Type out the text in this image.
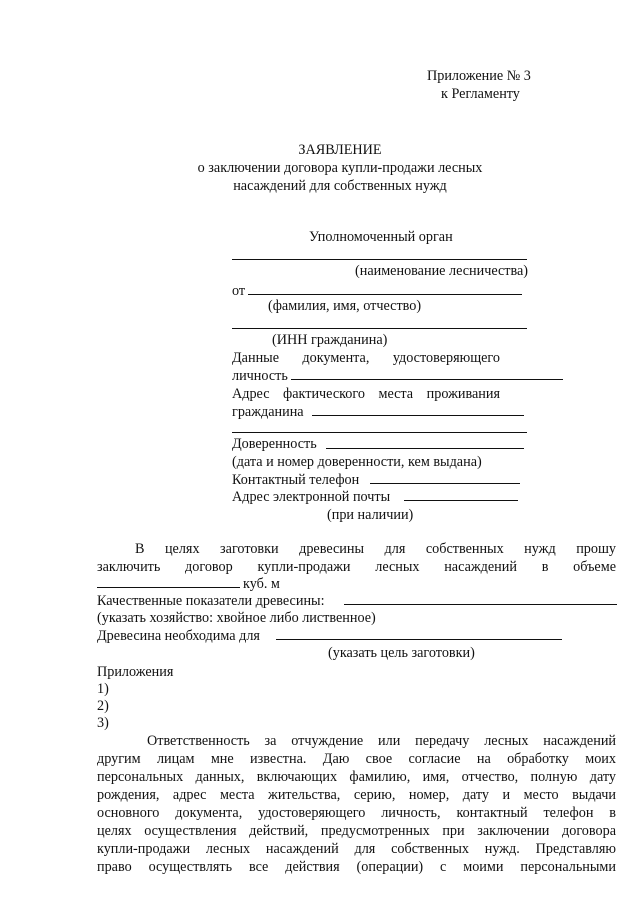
Приложение № 3
к Регламенту
ЗАЯВЛЕНИЕ
о заключении договора купли-продажи лесных
насаждений для собственных нужд
Уполномоченный орган
(наименование лесничества)
от
(фамилия, имя, отчество)
(ИНН гражданина)
Данные документа, удостоверяющего
личность
Адрес фактического места проживания
гражданина
Доверенность
(дата и номер доверенности, кем выдана)
Контактный телефон
Адрес электронной почты
(при наличии)
В целях заготовки древесины для собственных нужд прошу
заключить договор купли-продажи лесных насаждений в объеме
куб. м
Качественные показатели древесины:
(указать хозяйство: хвойное либо лиственное)
Древесина необходима для
(указать цель заготовки)
Приложения
1)
2)
3)
Ответственность за отчуждение или передачу лесных насаждений
другим лицам мне известна. Даю свое согласие на обработку моих
персональных данных, включающих фамилию, имя, отчество, полную дату
рождения, адрес места жительства, серию, номер, дату и место выдачи
основного документа, удостоверяющего личность, контактный телефон в
целях осуществления действий, предусмотренных при заключении договора
купли-продажи лесных насаждений для собственных нужд. Представляю
право осуществлять все действия (операции) с моими персональными
